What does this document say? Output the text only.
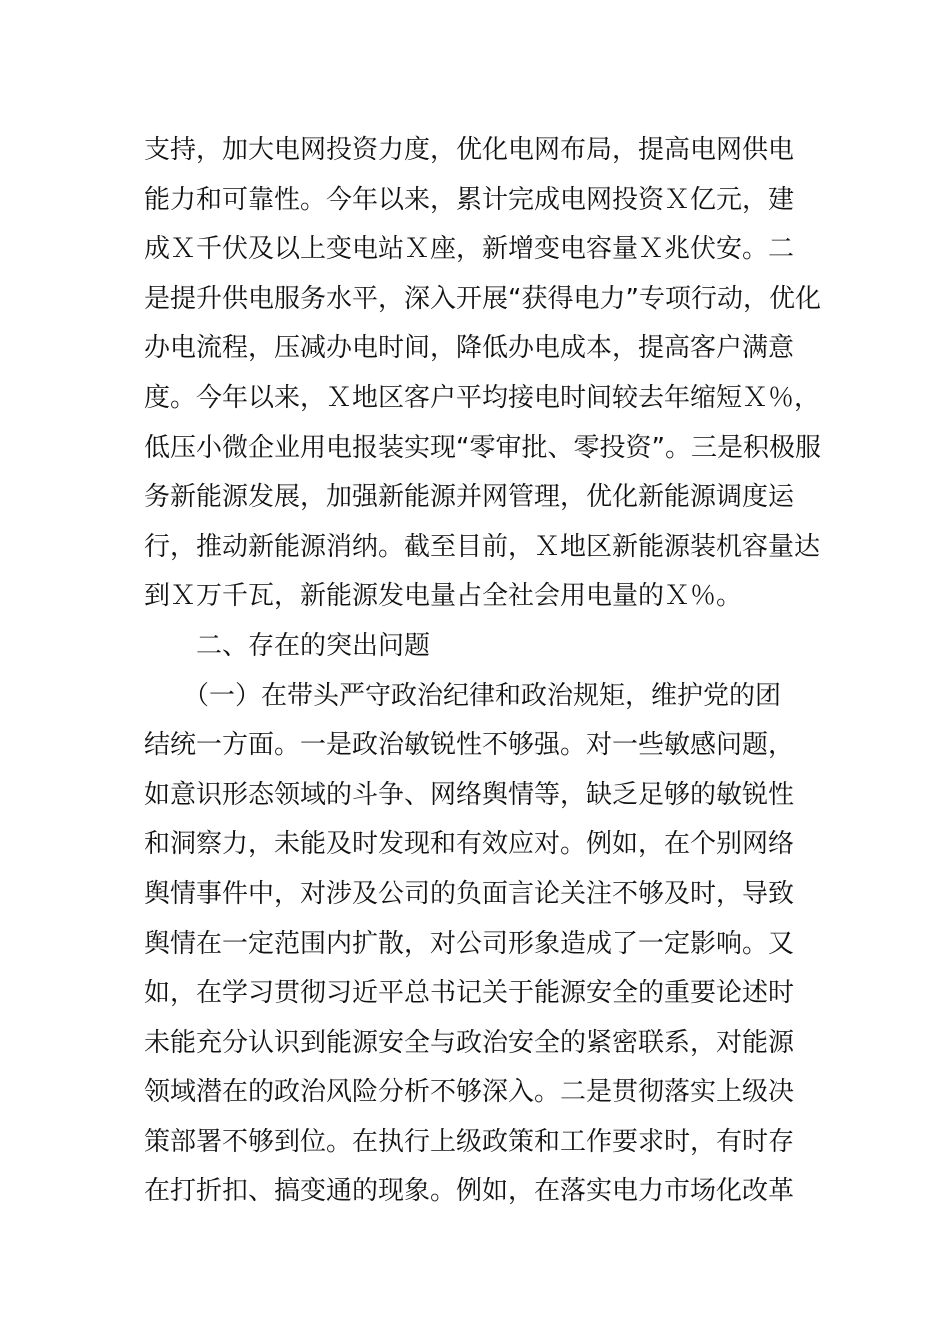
支持，加大电网投资力度，优化电网布局，提高电网供电
能力和可靠性。今年以来，累计完成电网投资Ｘ亿元，建
成Ｘ千伏及以上变电站Ｘ座，新增变电容量Ｘ兆伏安。二
是提升供电服务水平，深入开展“获得电力”专项行动，优化
办电流程，压减办电时间，降低办电成本，提高客户满意
度。今年以来，Ｘ地区客户平均接电时间较去年缩短Ｘ％，
低压小微企业用电报装实现“零审批、零投资”。三是积极服
务新能源发展，加强新能源并网管理，优化新能源调度运
行，推动新能源消纳。截至目前，Ｘ地区新能源装机容量达
到Ｘ万千瓦，新能源发电量占全社会用电量的Ｘ％。
　　二、存在的突出问题
　　（一）在带头严守政治纪律和政治规矩，维护党的团
结统一方面。一是政治敏锐性不够强。对一些敏感问题，
如意识形态领域的斗争、网络舆情等，缺乏足够的敏锐性
和洞察力，未能及时发现和有效应对。例如，在个别网络
舆情事件中，对涉及公司的负面言论关注不够及时，导致
舆情在一定范围内扩散，对公司形象造成了一定影响。又
如，在学习贯彻习近平总书记关于能源安全的重要论述时
未能充分认识到能源安全与政治安全的紧密联系，对能源
领域潜在的政治风险分析不够深入。二是贯彻落实上级决
策部署不够到位。在执行上级政策和工作要求时，有时存
在打折扣、搞变通的现象。例如，在落实电力市场化改革
